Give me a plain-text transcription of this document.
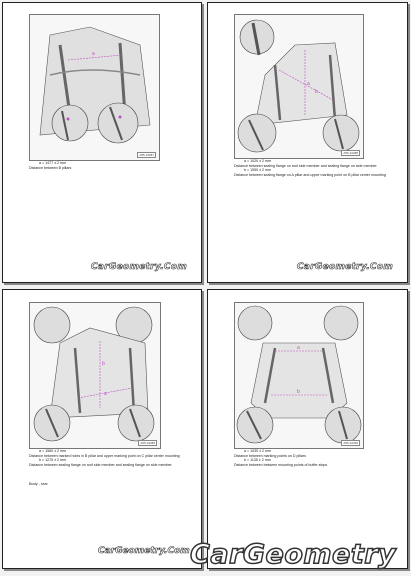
a
A55-10287
a = 1477 ± 2 mm
Distance between B pillars
CarGeometry.Com
a
b
A55-10288
a = 1020 ± 2 mm
Distance between sealing flange on roof side member and sealing flange on side member
b = 1550 ± 2 mm
Distance between sealing flange on A pillar and upper marking point on B pillar center mounting
CarGeometry.Com
b
a
A55-10289
a = 1580 ± 2 mm
Distance between marked holes in B pillar and upper marking point on C pillar center mounting
b = 1275 ± 2 mm
Distance between sealing flange on roof side member and sealing flange on side member
Body - rear
a
b
A55-10290
a = 1030 ± 2 mm
Distance between marking points on D pillars
b = 1135 ± 2 mm
Distance between between mounting points of buffer stops
CarGeometry.Com CarGeometry
